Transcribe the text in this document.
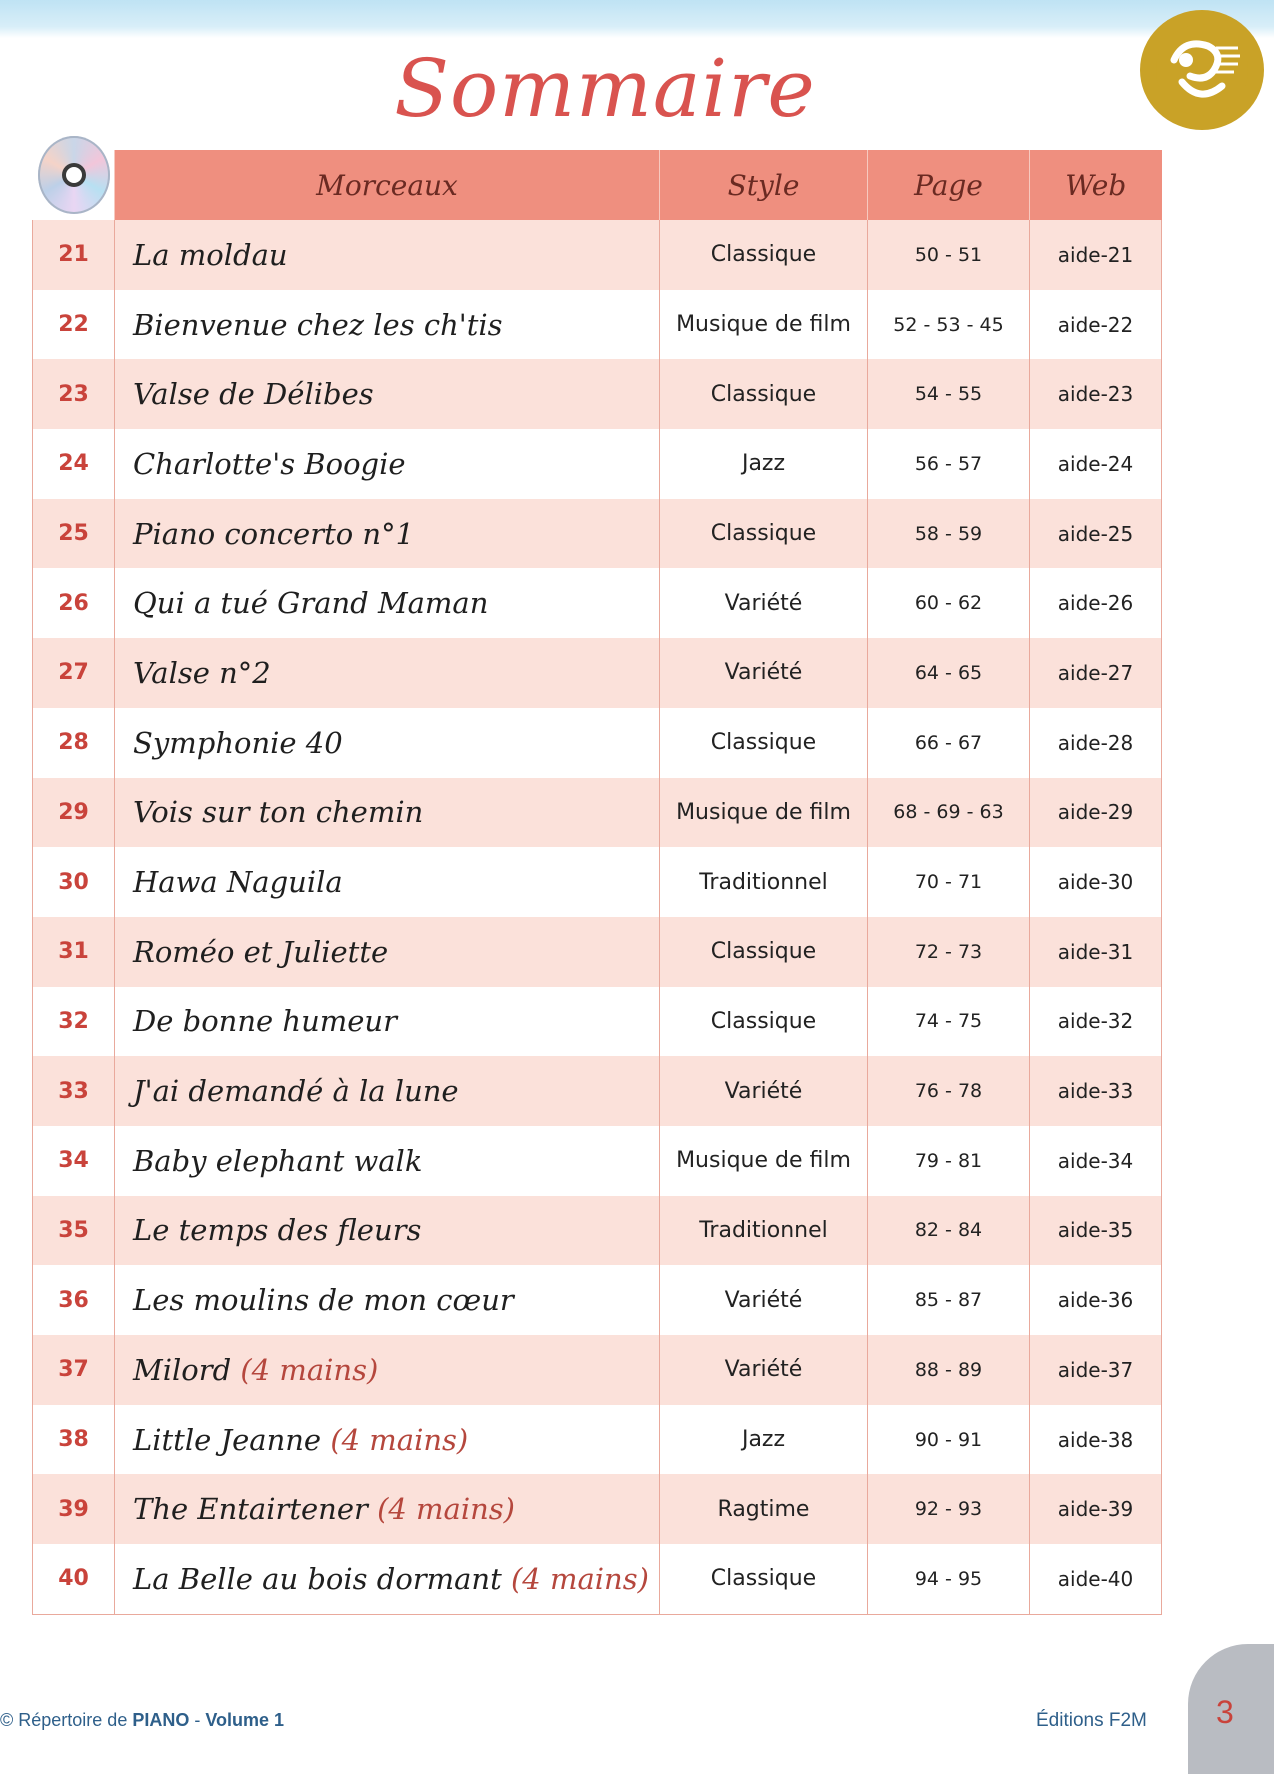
Sommaire
	Morceaux	Style	Page	Web
21	La moldau	Classique	50 - 51	aide-21
22	Bienvenue chez les ch'tis	Musique de film	52 - 53 - 45	aide-22
23	Valse de Délibes	Classique	54 - 55	aide-23
24	Charlotte's Boogie	Jazz	56 - 57	aide-24
25	Piano concerto n°1	Classique	58 - 59	aide-25
26	Qui a tué Grand Maman	Variété	60 - 62	aide-26
27	Valse n°2	Variété	64 - 65	aide-27
28	Symphonie 40	Classique	66 - 67	aide-28
29	Vois sur ton chemin	Musique de film	68 - 69 - 63	aide-29
30	Hawa Naguila	Traditionnel	70 - 71	aide-30
31	Roméo et Juliette	Classique	72 - 73	aide-31
32	De bonne humeur	Classique	74 - 75	aide-32
33	J'ai demandé à la lune	Variété	76 - 78	aide-33
34	Baby elephant walk	Musique de film	79 - 81	aide-34
35	Le temps des fleurs	Traditionnel	82 - 84	aide-35
36	Les moulins de mon cœur	Variété	85 - 87	aide-36
37	Milord (4 mains)	Variété	88 - 89	aide-37
38	Little Jeanne (4 mains)	Jazz	90 - 91	aide-38
39	The Entairtener (4 mains)	Ragtime	92 - 93	aide-39
40	La Belle au bois dormant (4 mains)	Classique	94 - 95	aide-40
© Répertoire de PIANO - Volume 1	Éditions F2M 3
